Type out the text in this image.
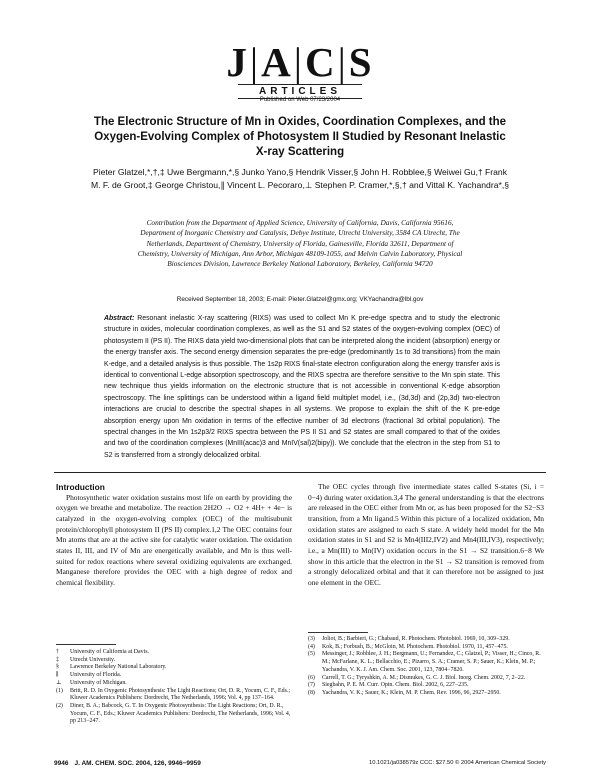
J|A|C|S
ARTICLES
Published on Web 07/23/2004
The Electronic Structure of Mn in Oxides, Coordination Complexes, and the Oxygen-Evolving Complex of Photosystem II Studied by Resonant Inelastic X-ray Scattering
Pieter Glatzel,*,†,‡ Uwe Bergmann,*,§ Junko Yano,§ Hendrik Visser,§ John H. Robblee,§ Weiwei Gu,† Frank M. F. de Groot,‡ George Christou,∥ Vincent L. Pecoraro,⊥ Stephen P. Cramer,*,§,† and Vittal K. Yachandra*,§
Contribution from the Department of Applied Science, University of California, Davis, California 95616, Department of Inorganic Chemistry and Catalysis, Debye Institute, Utrecht University, 3584 CA Utrecht, The Netherlands, Department of Chemistry, University of Florida, Gainesville, Florida 32611, Department of Chemistry, University of Michigan, Ann Arbor, Michigan 48109-1055, and Melvin Calvin Laboratory, Physical Biosciences Division, Lawrence Berkeley National Laboratory, Berkeley, California 94720
Received September 18, 2003; E-mail: Pieter.Glatzel@gmx.org; VKYachandra@lbl.gov
Abstract: Resonant inelastic X-ray scattering (RIXS) was used to collect Mn K pre-edge spectra and to study the electronic structure in oxides, molecular coordination complexes, as well as the S1 and S2 states of the oxygen-evolving complex (OEC) of photosystem II (PS II). The RIXS data yield two-dimensional plots that can be interpreted along the incident (absorption) energy or the energy transfer axis. The second energy dimension separates the pre-edge (predominantly 1s to 3d transitions) from the main K-edge, and a detailed analysis is thus possible. The 1s2p RIXS final-state electron configuration along the energy transfer axis is identical to conventional L-edge absorption spectroscopy, and the RIXS spectra are therefore sensitive to the Mn spin state. This new technique thus yields information on the electronic structure that is not accessible in conventional K-edge absorption spectroscopy. The line splittings can be understood within a ligand field multiplet model, i.e., (3d,3d) and (2p,3d) two-electron interactions are crucial to describe the spectral shapes in all systems. We propose to explain the shift of the K pre-edge absorption energy upon Mn oxidation in terms of the effective number of 3d electrons (fractional 3d orbital population). The spectral changes in the Mn 1s2p3/2 RIXS spectra between the PS II S1 and S2 states are small compared to that of the oxides and two of the coordination complexes (MnIII(acac)3 and MnIV(sal)2(bipy)). We conclude that the electron in the step from S1 to S2 is transferred from a strongly delocalized orbital.

Introduction

Photosynthetic water oxidation sustains most life on earth by providing the oxygen we breathe and metabolize. The reaction 2H2O → O2 + 4H+ + 4e− is catalyzed in the oxygen-evolving complex (OEC) of the multisubunit protein/chlorophyll photosystem II (PS II) complex.1,2 The OEC contains four Mn atoms that are at the active site for catalytic water oxidation. The oxidation states II, III, and IV of Mn are energetically available, and Mn is thus well-suited for redox reactions where several oxidizing equivalents are exchanged. Manganese therefore provides the OEC with a high degree of redox and chemical flexibility.

† University of California at Davis.
‡ Utrecht University.
§ Lawrence Berkeley National Laboratory.
∥ University of Florida.
⊥ University of Michigan.
(1) Britt, R. D. In Oxygenic Photosynthesis: The Light Reactions; Ort, D. R., Yocum, C. F., Eds.; Kluwer Academics Publishers: Dordrecht, The Netherlands, 1996; Vol. 4, pp 137−164.
(2) Diner, B. A.; Babcock, G. T. In Oxygenic Photosynthesis: The Light Reactions; Ort, D. R., Yocum, C. F., Eds.; Kluwer Academics Publishers: Dordrecht, The Netherlands, 1996; Vol. 4, pp 213−247.

The OEC cycles through five intermediate states called S-states (Si, i = 0−4) during water oxidation.3,4 The general understanding is that the electrons are released in the OEC either from Mn or, as has been proposed for the S2−S3 transition, from a Mn ligand.5 Within this picture of a localized oxidation, Mn oxidation states are assigned to each S state. A widely held model for the Mn oxidation states in S1 and S2 is Mn4(III2,IV2) and Mn4(III,IV3), respectively; i.e., a Mn(III) to Mn(IV) oxidation occurs in the S1 → S2 transition.6−8 We show in this article that the electron in the S1 → S2 transition is removed from a strongly delocalized orbital and that it can therefore not be assigned to just one element in the OEC.

(3) Joliot, B.; Barbieri, G.; Chabaud, R. Photochem. Photobiol. 1969, 10, 309−329.
(4) Kok, B.; Forbush, B.; McGloin, M. Photochem. Photobiol. 1970, 11, 457−475.
(5) Messinger, J.; Robblee, J. H.; Bergmann, U.; Fernandez, C.; Glatzel, P.; Visser, H.; Cinco, R. M.; McFarlane, K. L.; Bellacchio, E.; Pizarro, S. A.; Cramer, S. P.; Sauer, K.; Klein, M. P.; Yachandra, V. K. J. Am. Chem. Soc. 2001, 123, 7804−7820.
(6) Carrell, T. G.; Tyryshkin, A. M.; Dismukes, G. C. J. Biol. Inorg. Chem. 2002, 7, 2−22.
(7) Siegbahn, P. E. M. Curr. Opin. Chem. Biol. 2002, 6, 227−235.
(8) Yachandra, V. K.; Sauer, K.; Klein, M. P. Chem. Rev. 1996, 96, 2927−2950.
9946 J. AM. CHEM. SOC. 2004, 126, 9946−9959	10.1021/ja038579z CCC: $27.50 © 2004 American Chemical Society
